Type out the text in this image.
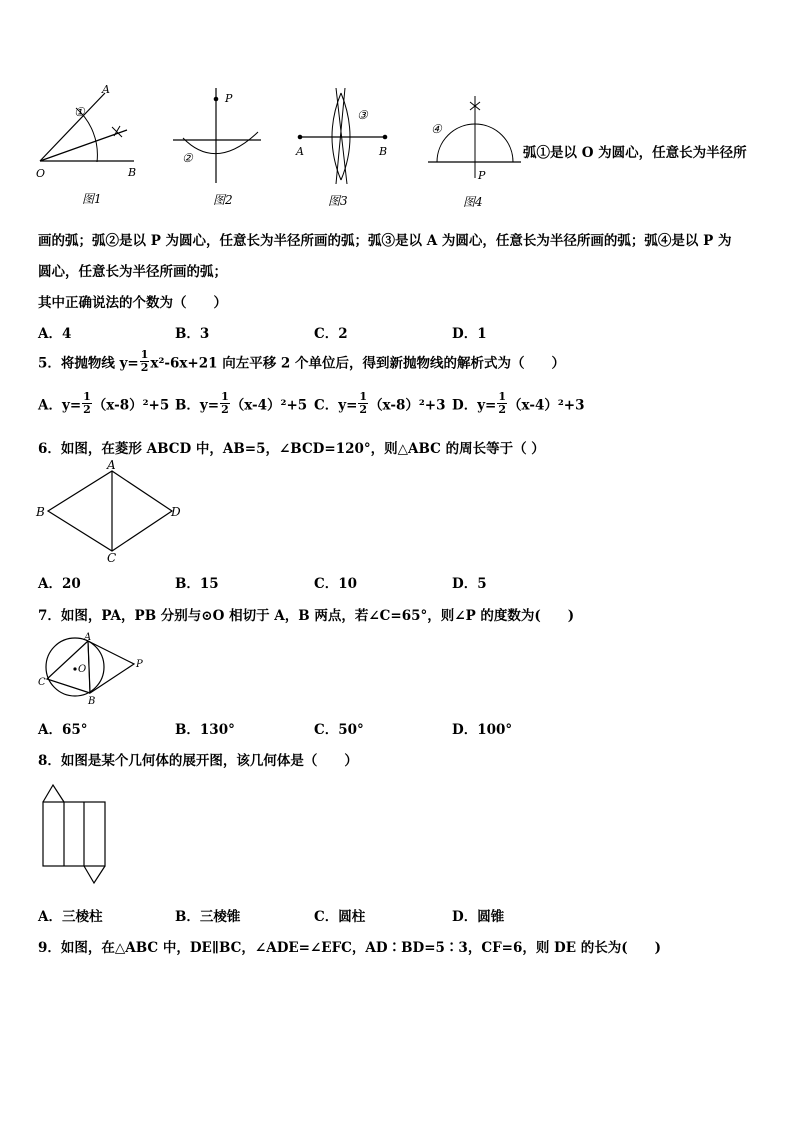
A
①
O	B
图1
P
②
图2
A	B
③
图3
④
P
图4
弧①是以 O 为圆心，任意长为半径所
画的弧；弧②是以 P 为圆心，任意长为半径所画的弧；弧③是以 A 为圆心，任意长为半径所画的弧；弧④是以 P 为
圆心，任意长为半径所画的弧；
其中正确说法的个数为（　　）
A．4	B．3	C．2	D．1
5．将抛物线 $y= \frac{1}{2} x^2-6x+21$ 向左平移 2 个单位后，得到新抛物线的解析式为（　　）
A．$y= \frac{1}{2} (x-8)^2+5$ B．$y= \frac{1}{2} (x-4)^2+5$ C．$y= \frac{1}{2} (x-8)^2+3$ D．$y= \frac{1}{2} (x-4)^2+3$
6．如图，在菱形 ABCD 中，AB=5，∠BCD=120°，则△ABC 的周长等于（ ）
A
B
C
D
A．20	B．15	C．10	D．5
7．如图，PA，PB 分别与⊙O 相切于 A，B 两点，若∠C=65°，则∠P 的度数为(　　)
A
O	P
C
B
A．65°	B．130°	C．50°	D．100°
8．如图是某个几何体的展开图，该几何体是（　　）
A．三棱柱	B．三棱锥	C．圆柱	D．圆锥
9．如图，在△ABC 中，DE∥BC，∠ADE=∠EFC，AD∶BD=5∶3，CF=6，则 DE 的长为(　　)
